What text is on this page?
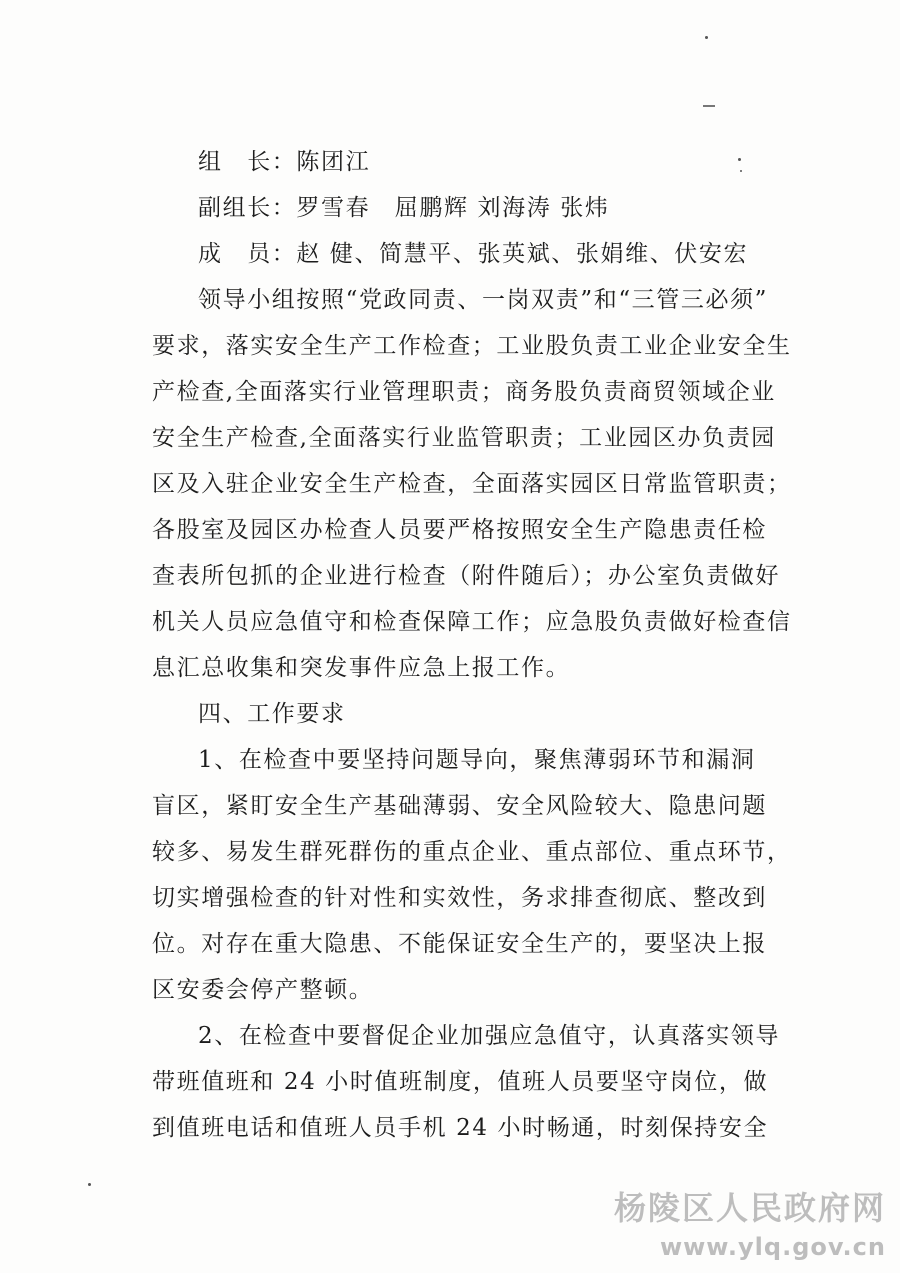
组　长：陈团江
副组长：罗雪春　屈鹏辉 刘海涛 张炜
成　员：赵 健、简慧平、张英斌、张娟维、伏安宏
领导小组按照“党政同责、一岗双责”和“三管三必须”
要求，落实安全生产工作检查；工业股负责工业企业安全生
产检查,全面落实行业管理职责；商务股负责商贸领域企业
安全生产检查,全面落实行业监管职责；工业园区办负责园
区及入驻企业安全生产检查，全面落实园区日常监管职责；
各股室及园区办检查人员要严格按照安全生产隐患责任检
查表所包抓的企业进行检查（附件随后）；办公室负责做好
机关人员应急值守和检查保障工作；应急股负责做好检查信
息汇总收集和突发事件应急上报工作。
四、工作要求
1、在检查中要坚持问题导向，聚焦薄弱环节和漏洞
盲区，紧盯安全生产基础薄弱、安全风险较大、隐患问题
较多、易发生群死群伤的重点企业、重点部位、重点环节，
切实增强检查的针对性和实效性，务求排查彻底、整改到
位。对存在重大隐患、不能保证安全生产的，要坚决上报
区安委会停产整顿。
2、在检查中要督促企业加强应急值守，认真落实领导
带班值班和 24 小时值班制度，值班人员要坚守岗位，做
到值班电话和值班人员手机 24 小时畅通，时刻保持安全
杨陵区人民政府网
www.ylq.gov.cn
